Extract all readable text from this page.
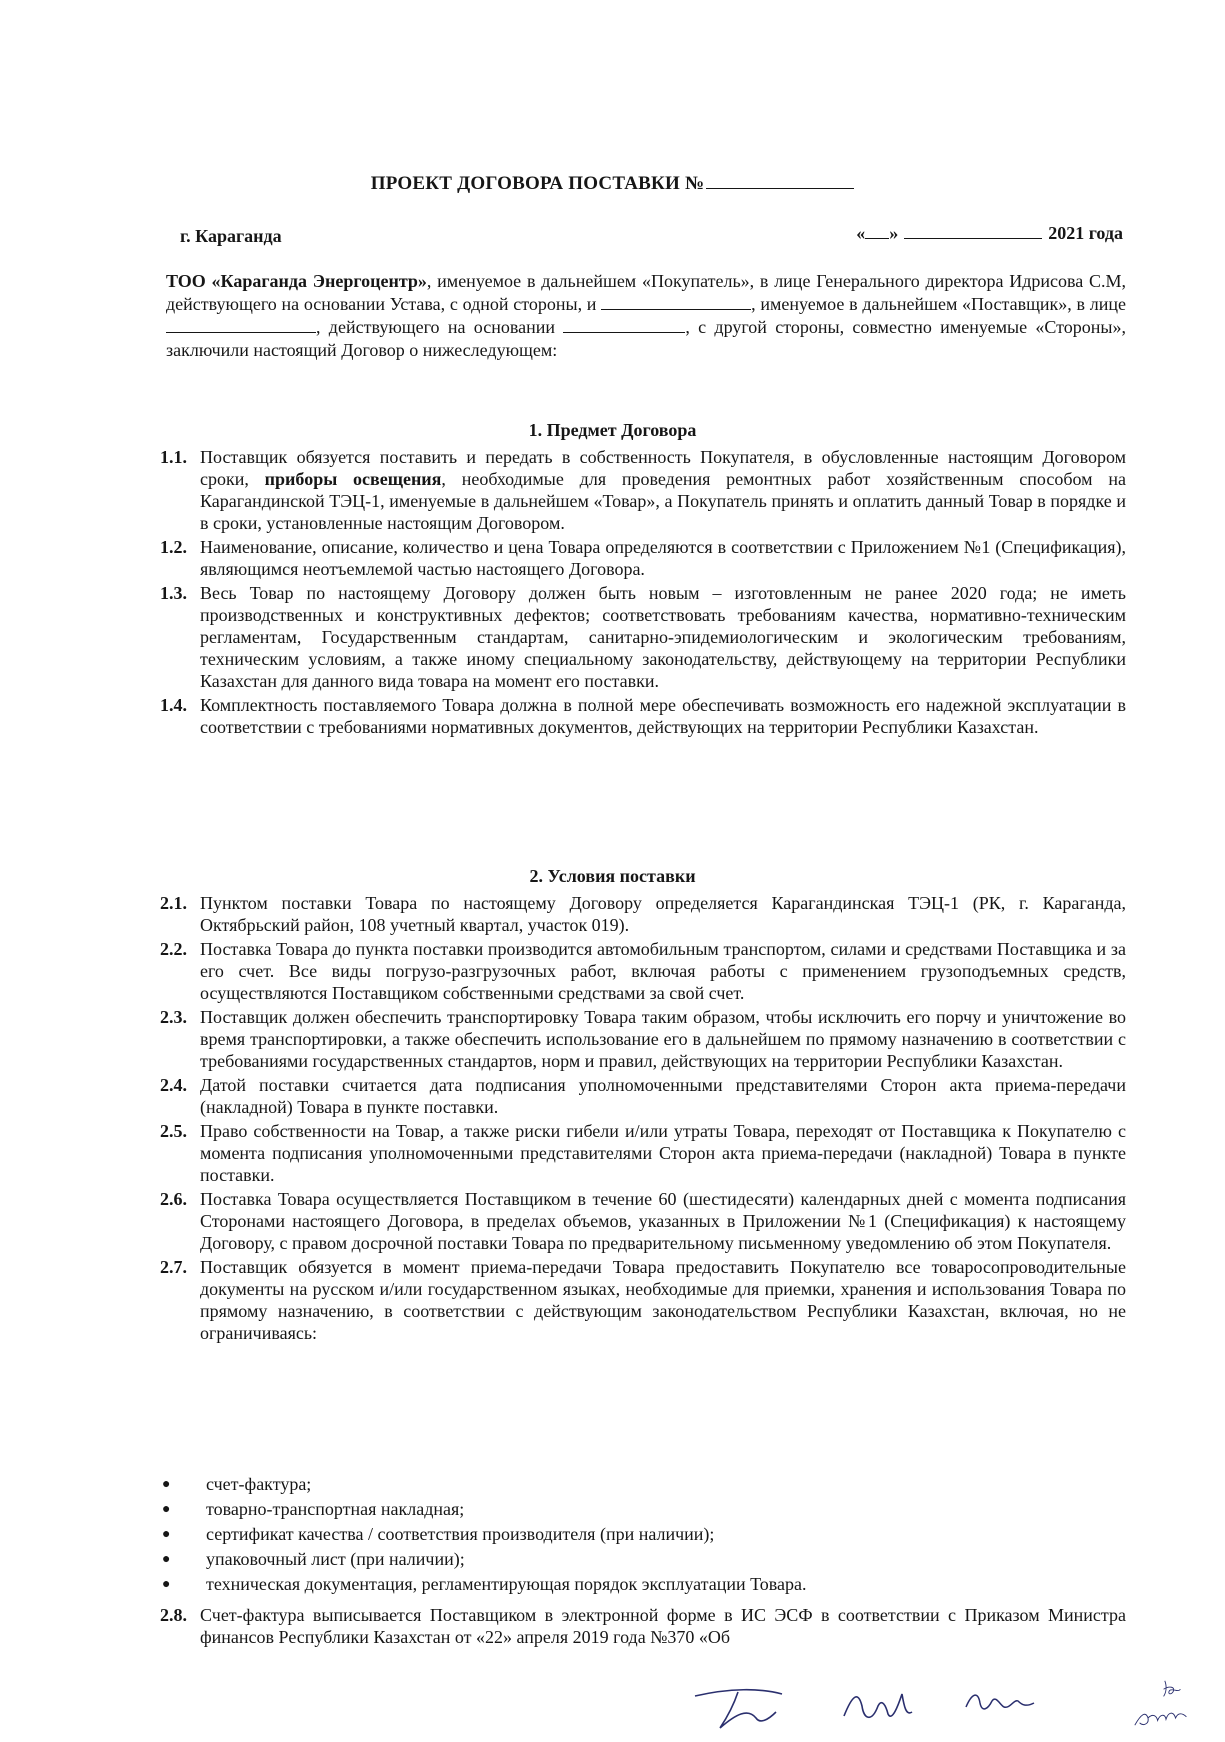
ПРОЕКТ ДОГОВОРА ПОСТАВКИ №
г. Караганда	« »	2021 года
ТОО «Караганда Энергоцентр», именуемое в дальнейшем «Покупатель», в лице Генерального директора Идрисова С.М, действующего на основании Устава, с одной стороны, и	, именуемое в дальнейшем «Поставщик», в лице , действующего на основании	, с другой стороны, совместно именуемые «Стороны», заключили настоящий Договор о нижеследующем:
1. Предмет Договора
1.1. Поставщик обязуется поставить и передать в собственность Покупателя, в обусловленные настоящим Договором сроки, приборы освещения, необходимые для проведения ремонтных работ хозяйственным способом на Карагандинской ТЭЦ-1, именуемые в дальнейшем «Товар», а Покупатель принять и оплатить данный Товар в порядке и в сроки, установленные настоящим Договором.
1.2. Наименование, описание, количество и цена Товара определяются в соответствии с Приложением №1 (Спецификация), являющимся неотъемлемой частью настоящего Договора.
1.3. Весь Товар по настоящему Договору должен быть новым – изготовленным не ранее 2020 года; не иметь производственных и конструктивных дефектов; соответствовать требованиям качества, нормативно-техническим регламентам, Государственным стандартам, санитарно-эпидемиологическим и экологическим требованиям, техническим условиям, а также иному специальному законодательству, действующему на территории Республики Казахстан для данного вида товара на момент его поставки.
1.4. Комплектность поставляемого Товара должна в полной мере обеспечивать возможность его надежной эксплуатации в соответствии с требованиями нормативных документов, действующих на территории Республики Казахстан.
2. Условия поставки
2.1. Пунктом поставки Товара по настоящему Договору определяется Карагандинская ТЭЦ-1 (РК, г. Караганда, Октябрьский район, 108 учетный квартал, участок 019).
2.2. Поставка Товара до пункта поставки производится автомобильным транспортом, силами и средствами Поставщика и за его счет. Все виды погрузо-разгрузочных работ, включая работы с применением грузоподъемных средств, осуществляются Поставщиком собственными средствами за свой счет.
2.3. Поставщик должен обеспечить транспортировку Товара таким образом, чтобы исключить его порчу и уничтожение во время транспортировки, а также обеспечить использование его в дальнейшем по прямому назначению в соответствии с требованиями государственных стандартов, норм и правил, действующих на территории Республики Казахстан.
2.4. Датой поставки считается дата подписания уполномоченными представителями Сторон акта приема-передачи (накладной) Товара в пункте поставки.
2.5. Право собственности на Товар, а также риски гибели и/или утраты Товара, переходят от Поставщика к Покупателю с момента подписания уполномоченными представителями Сторон акта приема-передачи (накладной) Товара в пункте поставки.
2.6. Поставка Товара осуществляется Поставщиком в течение 60 (шестидесяти) календарных дней с момента подписания Сторонами настоящего Договора, в пределах объемов, указанных в Приложении №1 (Спецификация) к настоящему Договору, с правом досрочной поставки Товара по предварительному письменному уведомлению об этом Покупателя.
2.7. Поставщик обязуется в момент приема-передачи Товара предоставить Покупателю все товаросопроводительные документы на русском и/или государственном языках, необходимые для приемки, хранения и использования Товара по прямому назначению, в соответствии с действующим законодательством Республики Казахстан, включая, но не ограничиваясь:
●	счет-фактура;
●	товарно-транспортная накладная;
●	сертификат качества / соответствия производителя (при наличии);
●	упаковочный лист (при наличии);
●	техническая документация, регламентирующая порядок эксплуатации Товара.
2.8. Счет-фактура выписывается Поставщиком в электронной форме в ИС ЭСФ в соответствии с Приказом Министра финансов Республики Казахстан от «22» апреля 2019 года №370 «Об
